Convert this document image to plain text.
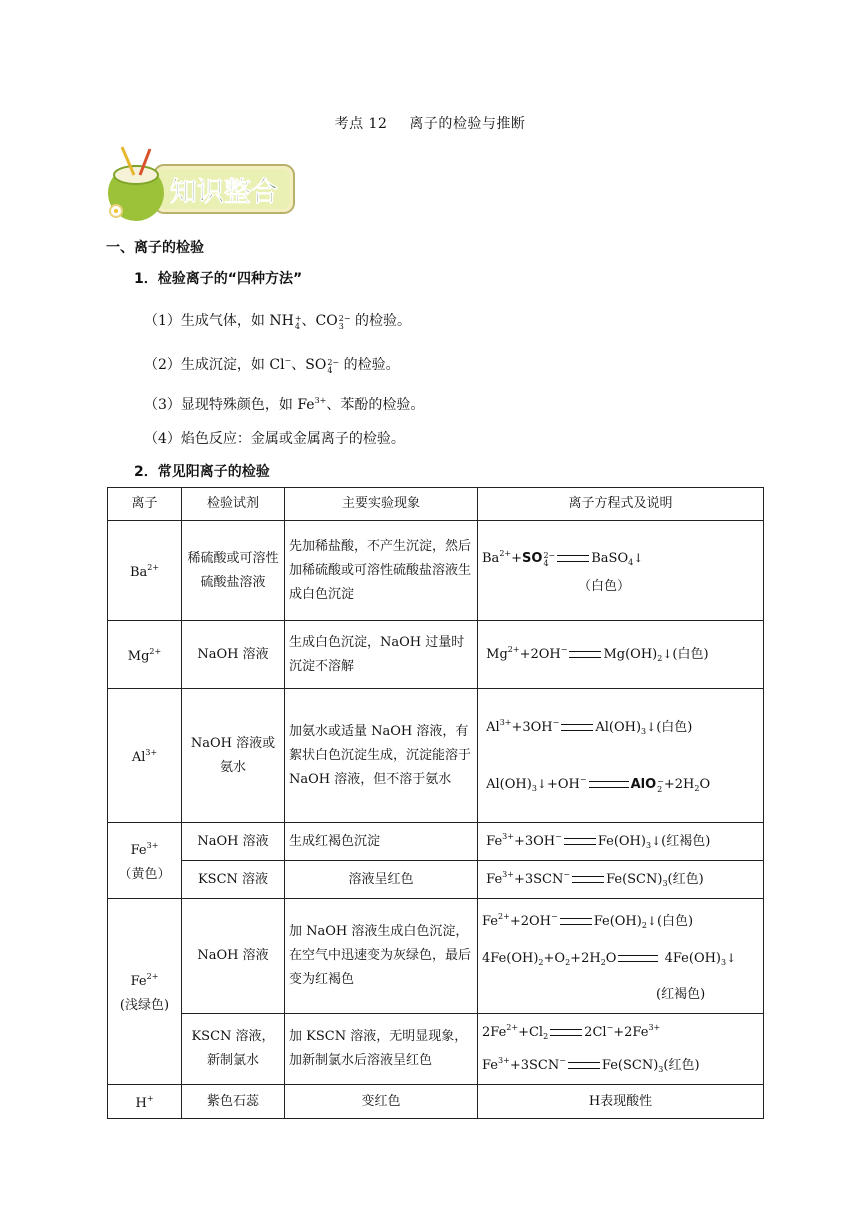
考点 12 离子的检验与推断
知识整合
一、离子的检验
1．检验离子的“四种方法”
（1）生成气体，如 NH+
4 、CO2−
3 的检验。
（2）生成沉淀，如 Cl−、SO2−
4 的检验。
（3）显现特殊颜色，如 $Fe^{3+}$、苯酚的检验。
（4）焰色反应：金属或金属离子的检验。
2．常见阳离子的检验
离子	检验试剂	主要实验现象	离子方程式及说明
$Ba^{2+}$	稀硫酸或可溶性硫酸盐溶液	先加稀盐酸，不产生沉淀，然后加稀硫酸或可溶性硫酸盐溶液生成白色沉淀	$Ba^{2+}+SO2-$
4 BaSO$_4$↓
（白色）
$Mg^{2+}$	NaOH 溶液	生成白色沉淀，NaOH 过量时沉淀不溶解	$Mg^{2+}+2OH^-$ $Mg(OH)_2↓$(白色)
$Al^{3+}$	NaOH 溶液或氨水	加氨水或适量 NaOH 溶液，有絮状白色沉淀生成，沉淀能溶于 NaOH 溶液，但不溶于氨水	$Al^{3+}+3OH^-$ $Al(OH)_3↓$(白色)

$Al(OH)_3↓+OH^-$ AlO−
$2 +2H_2O$
$Fe^{3+}$
（黄色）	NaOH 溶液	生成红褐色沉淀	$Fe^{3+}+3OH^-$ $Fe(OH)_3↓$(红褐色)
	KSCN 溶液	溶液呈红色	$Fe^{3+}+3SCN^-$ $Fe(SCN)_3$(红色)
$Fe^{2+}$
(浅绿色)	NaOH 溶液	加 NaOH 溶液生成白色沉淀，在空气中迅速变为灰绿色，最后变为红褐色	$Fe^{2+}+2OH^-$ $Fe(OH)_2↓$(白色)
$4Fe(OH)_2+O_2+2H_2O$ $4Fe(OH)_3↓$
(红褐色)
	KSCN 溶液，新制氯水	加 KSCN 溶液，无明显现象，加新制氯水后溶液呈红色	$2Fe^{2+}+Cl_2$ $2Cl^-+2Fe^{3+}$
$Fe^{3+}+3SCN^-$ $Fe(SCN)_3$(红色)
H+	紫色石蕊	变红色	H表现酸性
